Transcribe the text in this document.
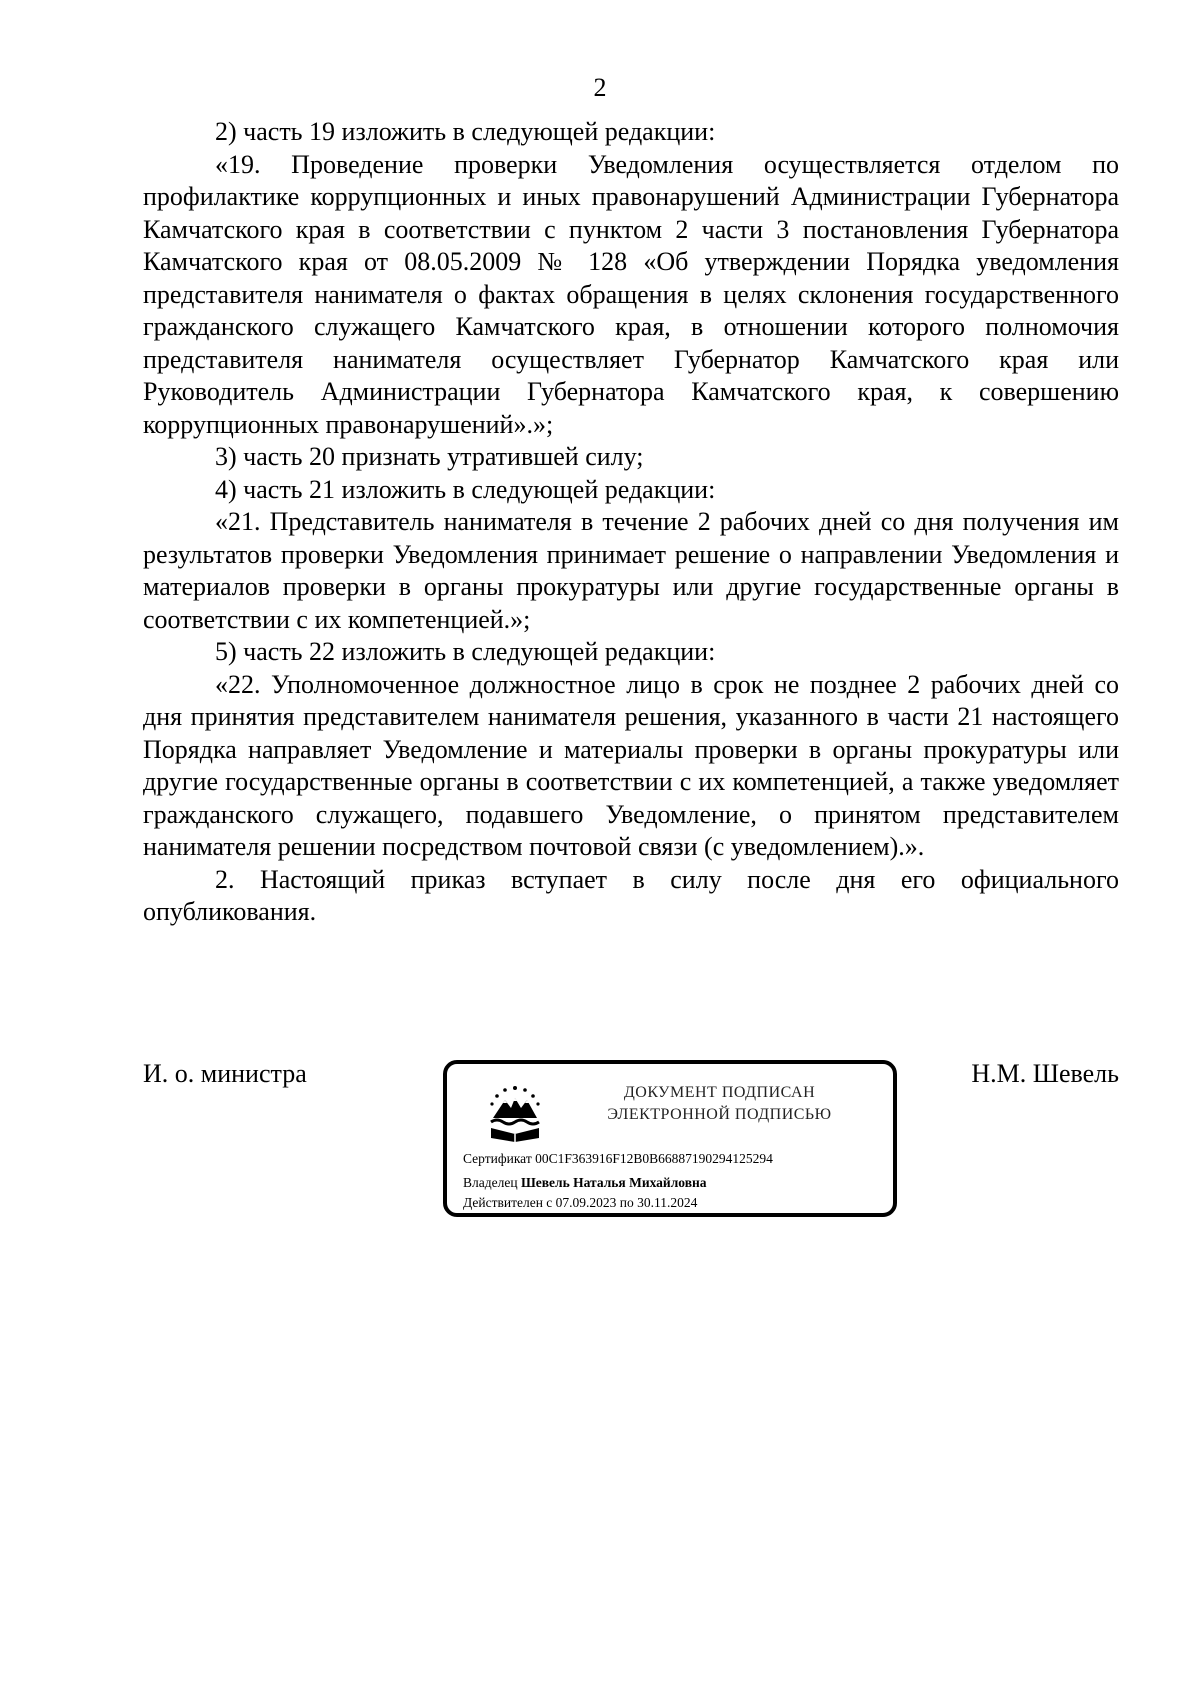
2

2) часть 19 изложить в следующей редакции:

«19. Проведение проверки Уведомления осуществляется отделом по профилактике коррупционных и иных правонарушений Администрации Губернатора Камчатского края в соответствии с пунктом 2 части 3 постановления Губернатора Камчатского края от 08.05.2009 № 128 «Об утверждении Порядка уведомления представителя нанимателя о фактах обращения в целях склонения государственного гражданского служащего Камчатского края, в отношении которого полномочия представителя нанимателя осуществляет Губернатор Камчатского края или Руководитель Администрации Губернатора Камчатского края, к совершению коррупционных правонарушений».»;

3) часть 20 признать утратившей силу;

4) часть 21 изложить в следующей редакции:

«21. Представитель нанимателя в течение 2 рабочих дней со дня получения им результатов проверки Уведомления принимает решение о направлении Уведомления и материалов проверки в органы прокуратуры или другие государственные органы в соответствии с их компетенцией.»;

5) часть 22 изложить в следующей редакции:

«22. Уполномоченное должностное лицо в срок не позднее 2 рабочих дней со дня принятия представителем нанимателя решения, указанного в части 21 настоящего Порядка направляет Уведомление и материалы проверки в органы прокуратуры или другие государственные органы в соответствии с их компетенцией, а также уведомляет гражданского служащего, подавшего Уведомление, о принятом представителем нанимателя решении посредством почтовой связи (с уведомлением).».

2. Настоящий приказ вступает в силу после дня его официального опубликования.

И. о. министра	Н.М. Шевель
ДОКУМЕНТ ПОДПИСАН
ЭЛЕКТРОННОЙ ПОДПИСЬЮ
Сертификат 00C1F363916F12B0B66887190294125294
Владелец Шевель Наталья Михайловна
Действителен с 07.09.2023 по 30.11.2024
